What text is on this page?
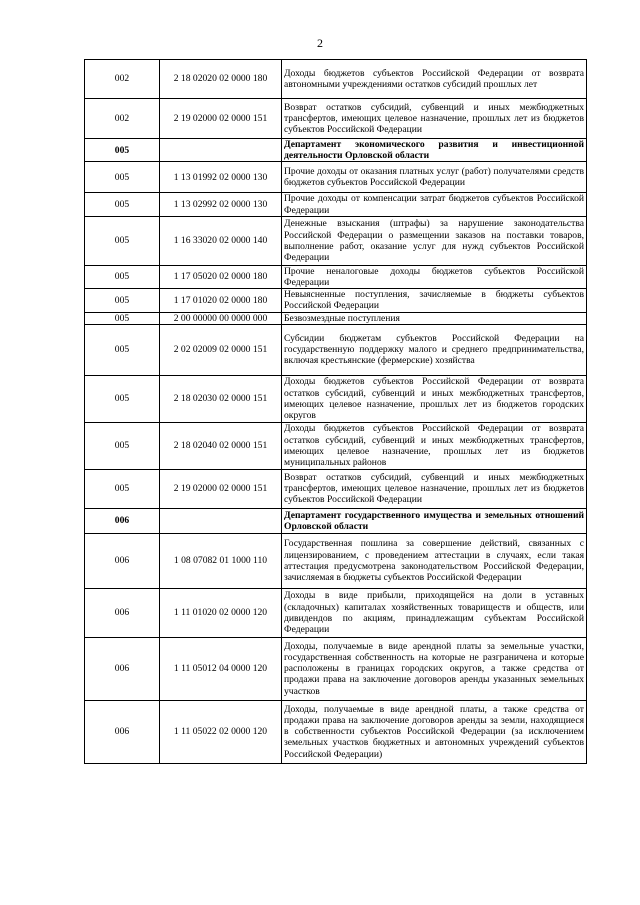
2
002	2 18 02020 02 0000 180	Доходы бюджетов субъектов Российской Федерации от возврата автономными учреждениями остатков субсидий прошлых лет
002	2 19 02000 02 0000 151	Возврат остатков субсидий, субвенций и иных межбюджетных трансфертов, имеющих целевое назначение, прошлых лет из бюджетов субъектов Российской Федерации
005		Департамент экономического развития и инвестиционной деятельности Орловской области
005	1 13 01992 02 0000 130	Прочие доходы от оказания платных услуг (работ) получателями средств бюджетов субъектов Российской Федерации
005	1 13 02992 02 0000 130	Прочие доходы от компенсации затрат бюджетов субъектов Российской Федерации
005	1 16 33020 02 0000 140	Денежные взыскания (штрафы) за нарушение законодательства Российской Федерации о размещении заказов на поставки товаров, выполнение работ, оказание услуг для нужд субъектов Российской Федерации
005	1 17 05020 02 0000 180	Прочие неналоговые доходы бюджетов субъектов Российской Федерации
005	1 17 01020 02 0000 180	Невыясненные поступления, зачисляемые в бюджеты субъектов Российской Федерации
005	2 00 00000 00 0000 000	Безвозмездные поступления
005	2 02 02009 02 0000 151	Субсидии бюджетам субъектов Российской Федерации на государственную поддержку малого и среднего предпринимательства, включая крестьянские (фермерские) хозяйства
005	2 18 02030 02 0000 151	Доходы бюджетов субъектов Российской Федерации от возврата остатков субсидий, субвенций и иных межбюджетных трансфертов, имеющих целевое назначение, прошлых лет из бюджетов городских округов
005	2 18 02040 02 0000 151	Доходы бюджетов субъектов Российской Федерации от возврата остатков субсидий, субвенций и иных межбюджетных трансфертов, имеющих целевое назначение, прошлых лет из бюджетов муниципальных районов
005	2 19 02000 02 0000 151	Возврат остатков субсидий, субвенций и иных межбюджетных трансфертов, имеющих целевое назначение, прошлых лет из бюджетов субъектов Российской Федерации
006		Департамент государственного имущества и земельных отношений Орловской области
006	1 08 07082 01 1000 110	Государственная пошлина за совершение действий, связанных с лицензированием, с проведением аттестации в случаях, если такая аттестация предусмотрена законодательством Российской Федерации, зачисляемая в бюджеты субъектов Российской Федерации
006	1 11 01020 02 0000 120	Доходы в виде прибыли, приходящейся на доли в уставных (складочных) капиталах хозяйственных товариществ и обществ, или дивидендов по акциям, принадлежащим субъектам Российской Федерации
006	1 11 05012 04 0000 120	Доходы, получаемые в виде арендной платы за земельные участки, государственная собственность на которые не разграничена и которые расположены в границах городских округов, а также средства от продажи права на заключение договоров аренды указанных земельных участков
006	1 11 05022 02 0000 120	Доходы, получаемые в виде арендной платы, а также средства от продажи права на заключение договоров аренды за земли, находящиеся в собственности субъектов Российской Федерации (за исключением земельных участков бюджетных и автономных учреждений субъектов Российской Федерации)
